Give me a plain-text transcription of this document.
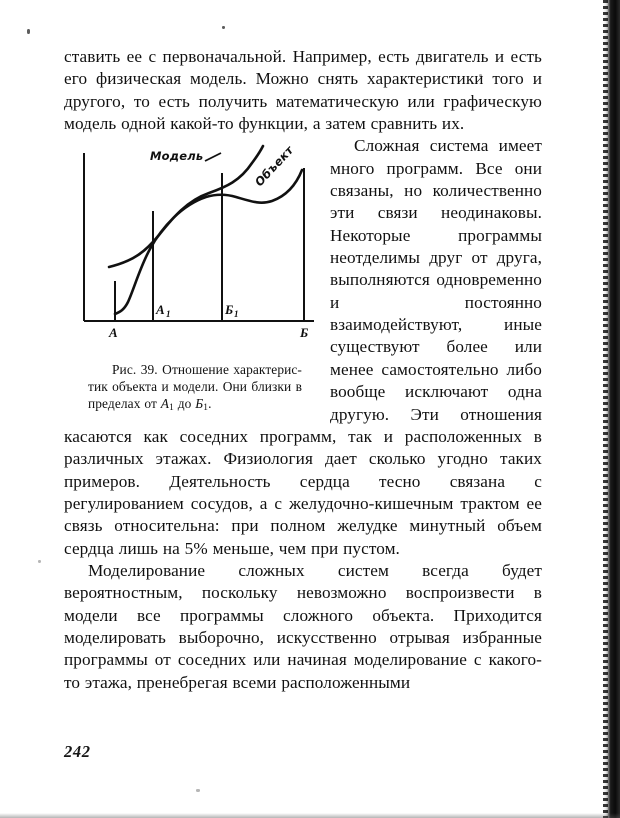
ставить ее с первоначальной. Например, есть двигатель и есть его физическая модель. Можно снять характеристики того и другого, то есть получить математическую или графическую модель одной какой-то функции, а затем сравнить их.

Модель	Объект
А
А 1	Б 1
Б
Рис. 39. Отношение характерис- тик объекта и модели. Они близки в пределах от $A_1$ до $Б_1$.
Сложная система имеет много программ. Все они связаны, но количественно эти связи неодинаковы. Некоторые программы неотделимы друг от друга, выполняются одновременно и постоянно взаимодействуют, иные существуют более или менее самостоятельно либо вообще исключают одна другую. Эти отношения касаются как соседних программ, так и расположенных в различных этажах. Физиология дает сколько угодно таких примеров. Деятельность сердца тесно связана с регулированием сосудов, а с желудочно-кишечным трактом ее связь относительна: при полном желудке минутный объем сердца лишь на 5% меньше, чем при пустом.

Моделирование сложных систем всегда будет вероятностным, поскольку невозможно воспроизвести в модели все программы сложного объекта. Приходится моделировать выборочно, искусственно отрывая избранные программы от соседних или начиная моделирование с какого-то этажа, пренебрегая всеми расположенными

242
